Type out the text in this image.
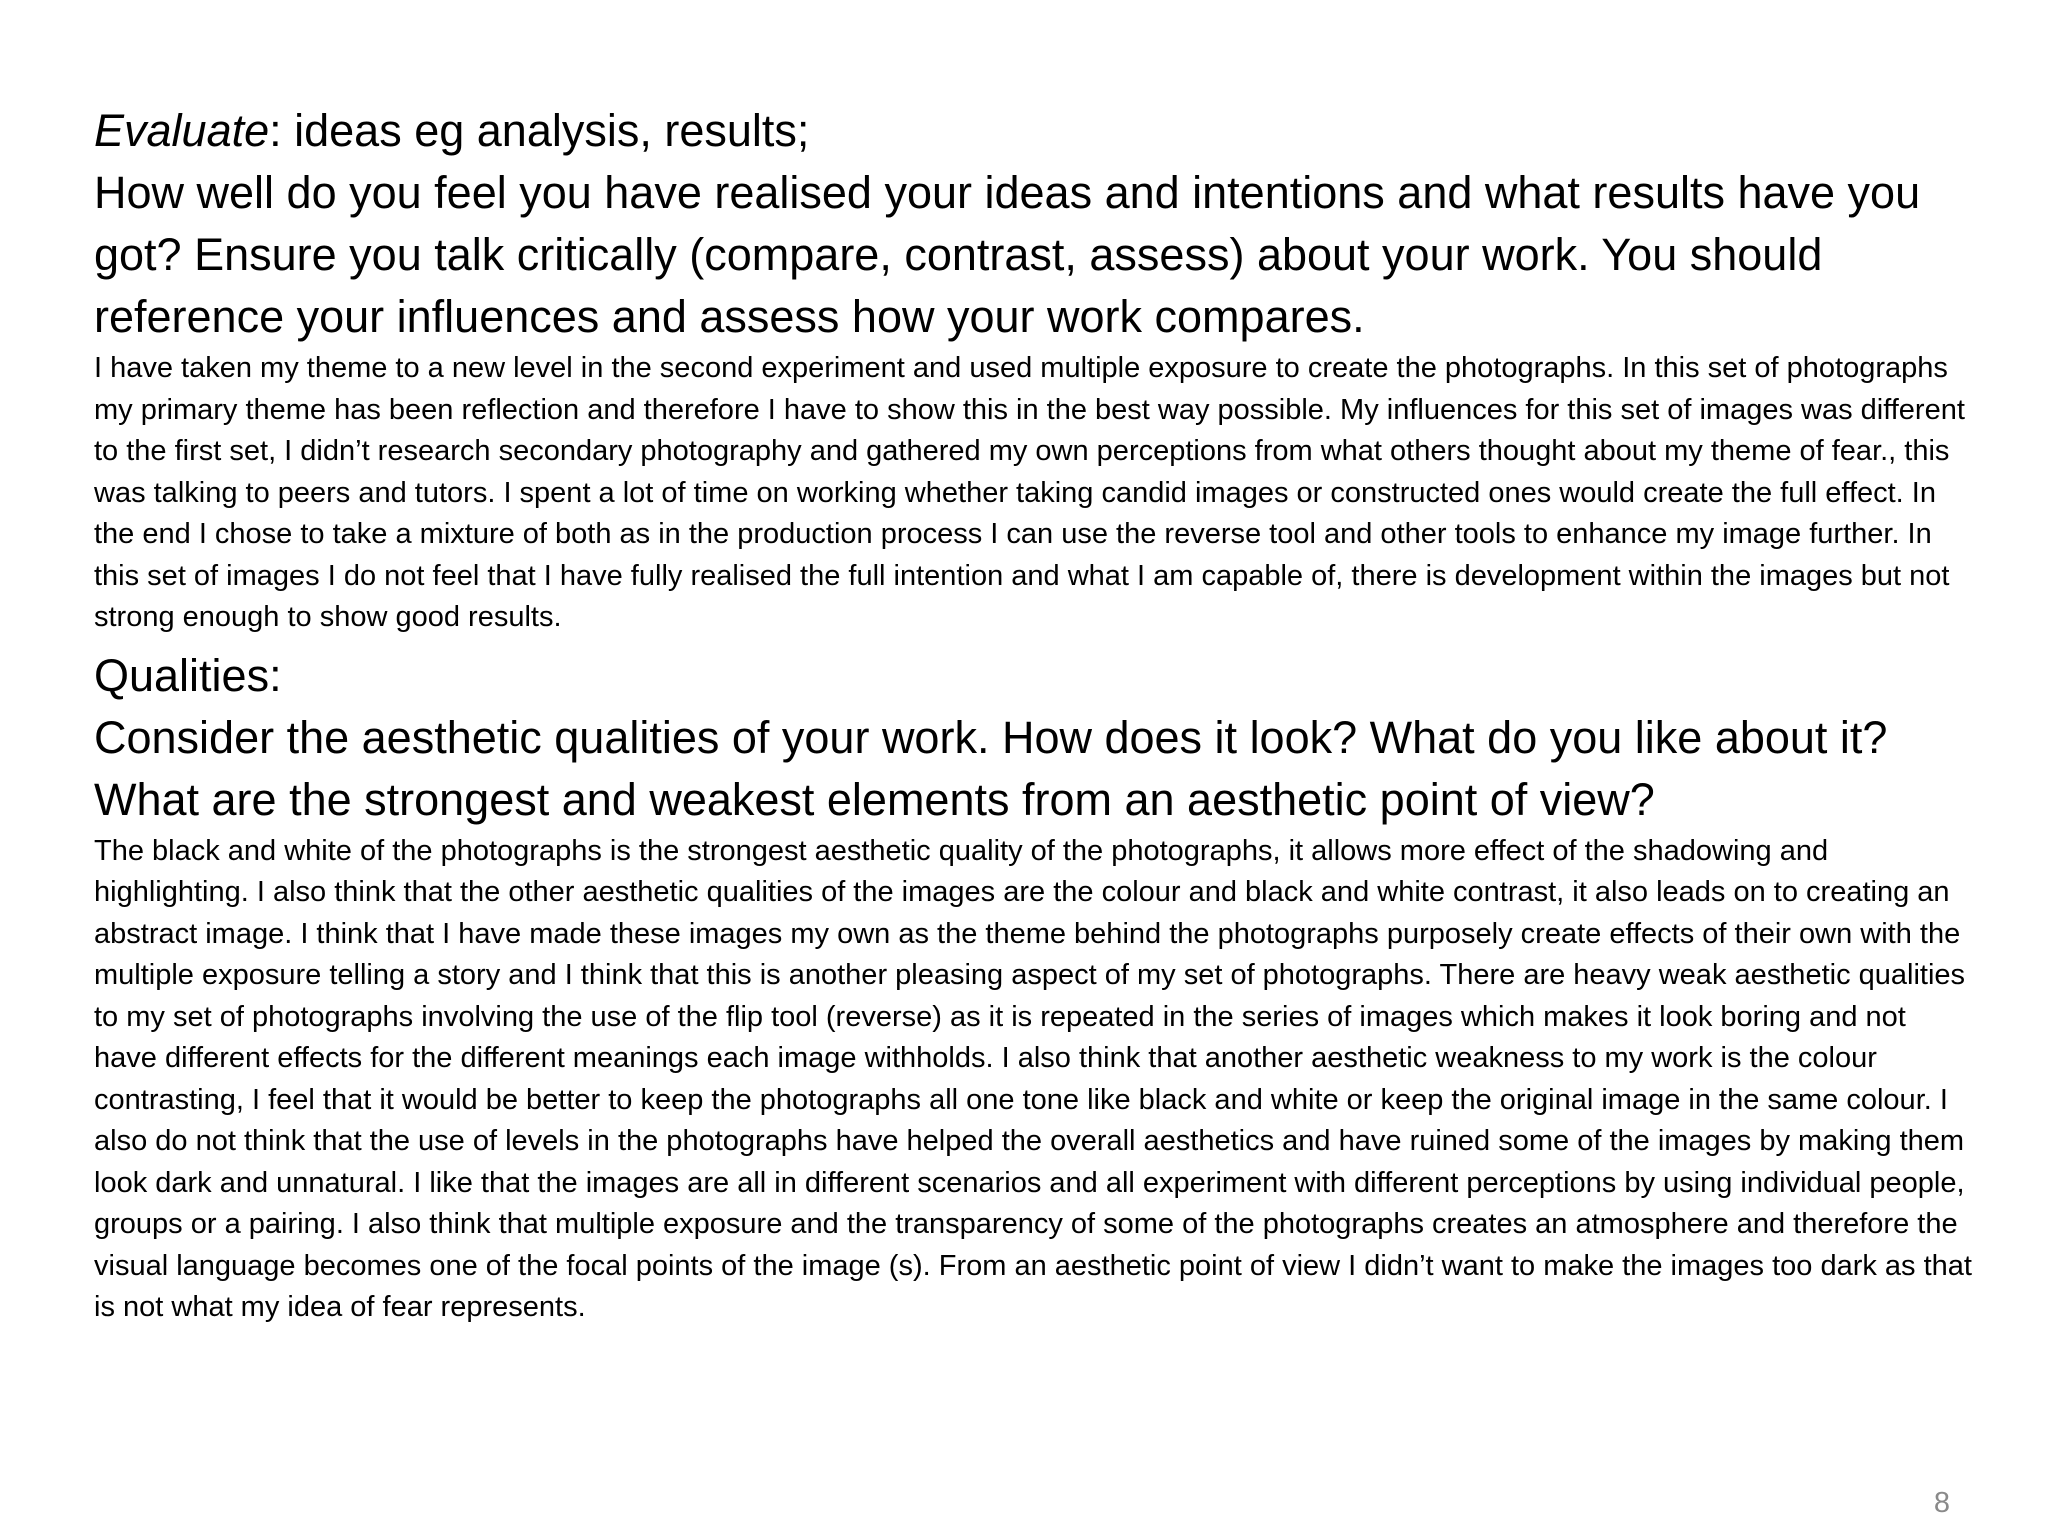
Evaluate: ideas eg analysis, results;

How well do you feel you have realised your ideas and intentions and what results have you got? Ensure you talk critically (compare, contrast, assess) about your work. You should reference your influences and assess how your work compares.

I have taken my theme to a new level in the second experiment and used multiple exposure to create the photographs. In this set of photographs my primary theme has been reflection and therefore I have to show this in the best way possible. My influences for this set of images was different to the first set, I didn’t research secondary photography and gathered my own perceptions from what others thought about my theme of fear., this was talking to peers and tutors. I spent a lot of time on working whether taking candid images or constructed ones would create the full effect. In the end I chose to take a mixture of both as in the production process I can use the reverse tool and other tools to enhance my image further. In this set of images I do not feel that I have fully realised the full intention and what I am capable of, there is development within the images but not strong enough to show good results.

Qualities:

Consider the aesthetic qualities of your work. How does it look? What do you like about it? What are the strongest and weakest elements from an aesthetic point of view?

The black and white of the photographs is the strongest aesthetic quality of the photographs, it allows more effect of the shadowing and highlighting. I also think that the other aesthetic qualities of the images are the colour and black and white contrast, it also leads on to creating an abstract image. I think that I have made these images my own as the theme behind the photographs purposely create effects of their own with the multiple exposure telling a story and I think that this is another pleasing aspect of my set of photographs. There are heavy weak aesthetic qualities to my set of photographs involving the use of the flip tool (reverse) as it is repeated in the series of images which makes it look boring and not have different effects for the different meanings each image withholds. I also think that another aesthetic weakness to my work is the colour contrasting, I feel that it would be better to keep the photographs all one tone like black and white or keep the original image in the same colour. I also do not think that the use of levels in the photographs have helped the overall aesthetics and have ruined some of the images by making them look dark and unnatural. I like that the images are all in different scenarios and all experiment with different perceptions by using individual people, groups or a pairing. I also think that multiple exposure and the transparency of some of the photographs creates an atmosphere and therefore the visual language becomes one of the focal points of the image (s). From an aesthetic point of view I didn’t want to make the images too dark as that is not what my idea of fear represents.

8
